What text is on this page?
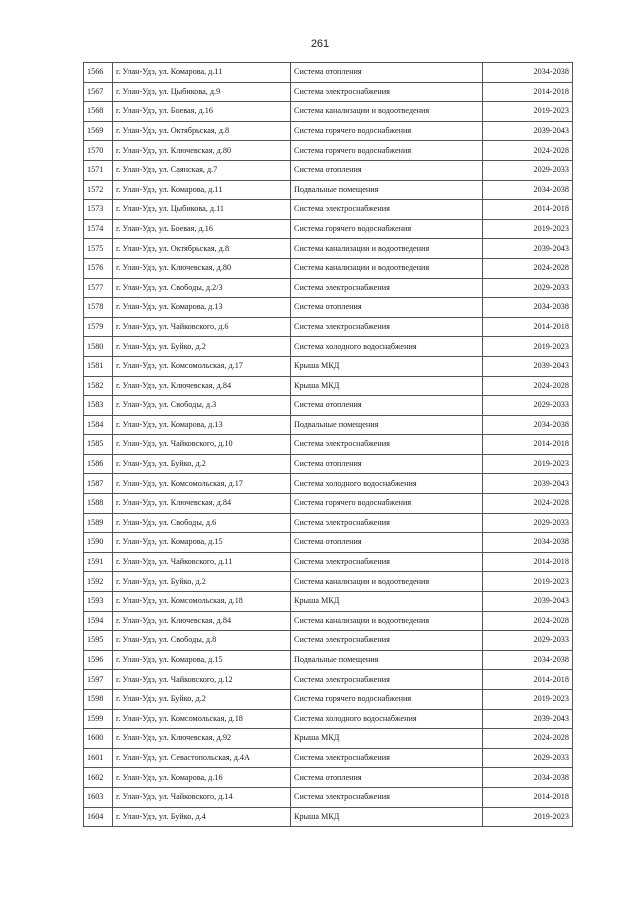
261
1566	г. Улан-Удэ, ул. Комарова, д.11	Система отопления	2034-2038
1567	г. Улан-Удэ, ул. Цыбикова, д.9	Система электроснабжения	2014-2018
1568	г. Улан-Удэ, ул. Боевая, д.16	Система канализации и водоотведения	2019-2023
1569	г. Улан-Удэ, ул. Октябрьская, д.8	Система горячего водоснабжения	2039-2043
1570	г. Улан-Удэ, ул. Ключевская, д.80	Система горячего водоснабжения	2024-2028
1571	г. Улан-Удэ, ул. Саянская, д.7	Система отопления	2029-2033
1572	г. Улан-Удэ, ул. Комарова, д.11	Подвальные помещения	2034-2038
1573	г. Улан-Удэ, ул. Цыбикова, д.11	Система электроснабжения	2014-2018
1574	г. Улан-Удэ, ул. Боевая, д.16	Система горячего водоснабжения	2019-2023
1575	г. Улан-Удэ, ул. Октябрьская, д.8	Система канализации и водоотведения	2039-2043
1576	г. Улан-Удэ, ул. Ключевская, д.80	Система канализации и водоотведения	2024-2028
1577	г. Улан-Удэ, ул. Свободы, д.2/3	Система электроснабжения	2029-2033
1578	г. Улан-Удэ, ул. Комарова, д.13	Система отопления	2034-2038
1579	г. Улан-Удэ, ул. Чайковского, д.6	Система электроснабжения	2014-2018
1580	г. Улан-Удэ, ул. Буйко, д.2	Система холодного водоснабжения	2019-2023
1581	г. Улан-Удэ, ул. Комсомольская, д.17	Крыша МКД	2039-2043
1582	г. Улан-Удэ, ул. Ключевская, д.84	Крыша МКД	2024-2028
1583	г. Улан-Удэ, ул. Свободы, д.3	Система отопления	2029-2033
1584	г. Улан-Удэ, ул. Комарова, д.13	Подвальные помещения	2034-2038
1585	г. Улан-Удэ, ул. Чайковского, д.10	Система электроснабжения	2014-2018
1586	г. Улан-Удэ, ул. Буйко, д.2	Система отопления	2019-2023
1587	г. Улан-Удэ, ул. Комсомольская, д.17	Система холодного водоснабжения	2039-2043
1588	г. Улан-Удэ, ул. Ключевская, д.84	Система горячего водоснабжения	2024-2028
1589	г. Улан-Удэ, ул. Свободы, д.6	Система электроснабжения	2029-2033
1590	г. Улан-Удэ, ул. Комарова, д.15	Система отопления	2034-2038
1591	г. Улан-Удэ, ул. Чайковского, д.11	Система электроснабжения	2014-2018
1592	г. Улан-Удэ, ул. Буйко, д.2	Система канализации и водоотведения	2019-2023
1593	г. Улан-Удэ, ул. Комсомольская, д.18	Крыша МКД	2039-2043
1594	г. Улан-Удэ, ул. Ключевская, д.84	Система канализации и водоотведения	2024-2028
1595	г. Улан-Удэ, ул. Свободы, д.8	Система электроснабжения	2029-2033
1596	г. Улан-Удэ, ул. Комарова, д.15	Подвальные помещения	2034-2038
1597	г. Улан-Удэ, ул. Чайковского, д.12	Система электроснабжения	2014-2018
1598	г. Улан-Удэ, ул. Буйко, д.2	Система горячего водоснабжения	2019-2023
1599	г. Улан-Удэ, ул. Комсомольская, д.18	Система холодного водоснабжения	2039-2043
1600	г. Улан-Удэ, ул. Ключевская, д.92	Крыша МКД	2024-2028
1601	г. Улан-Удэ, ул. Севастопольская, д.4А	Система электроснабжения	2029-2033
1602	г. Улан-Удэ, ул. Комарова, д.16	Система отопления	2034-2038
1603	г. Улан-Удэ, ул. Чайковского, д.14	Система электроснабжения	2014-2018
1604	г. Улан-Удэ, ул. Буйко, д.4	Крыша МКД	2019-2023
